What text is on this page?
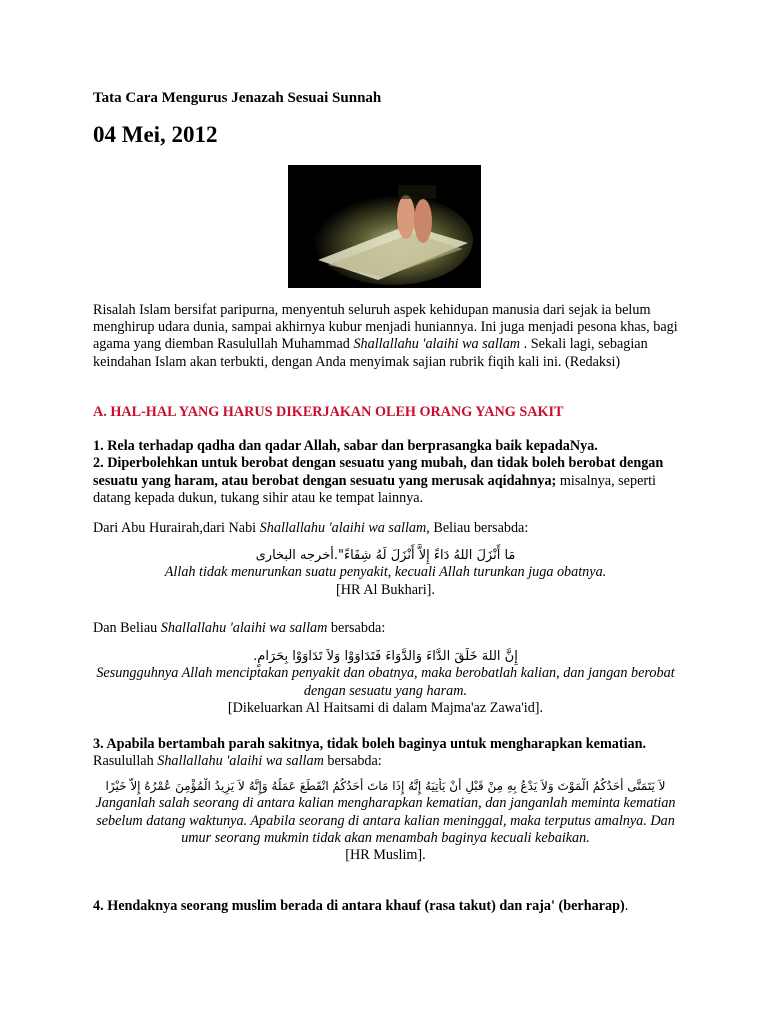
Tata Cara Mengurus Jenazah Sesuai Sunnah
04 Mei, 2012
Risalah Islam bersifat paripurna, menyentuh seluruh aspek kehidupan manusia dari sejak ia belum menghirup udara dunia, sampai akhirnya kubur menjadi huniannya. Ini juga menjadi pesona khas, bagi agama yang diemban Rasulullah Muhammad Shallallahu 'alaihi wa sallam . Sekali lagi, sebagian keindahan Islam akan terbukti, dengan Anda menyimak sajian rubrik fiqih kali ini. (Redaksi)
A. HAL-HAL YANG HARUS DIKERJAKAN OLEH ORANG YANG SAKIT
1. Rela terhadap qadha dan qadar Allah, sabar dan berprasangka baik kepadaNya.
2. Diperbolehkan untuk berobat dengan sesuatu yang mubah, dan tidak boleh berobat dengan sesuatu yang haram, atau berobat dengan sesuatu yang merusak aqidahnya; misalnya, seperti datang kepada dukun, tukang sihir atau ke tempat lainnya.
Dari Abu Hurairah,dari Nabi Shallallahu 'alaihi wa sallam, Beliau bersabda:
مَا أَنْزَلَ اللهُ دَاءً إِلاَّ أَنْزَلَ لَهُ شِفَاءً".أخرجه البخارى
Allah tidak menurunkan suatu penyakit, kecuali Allah turunkan juga obatnya.
[HR Al Bukhari].
Dan Beliau Shallallahu 'alaihi wa sallam bersabda:
إِنَّ اللهَ خَلَقَ الدَّاءَ وَالدَّوَاءَ فَتَدَاوَوْا وَلاَ تَدَاوَوْا بِحَرَامٍ.
Sesungguhnya Allah menciptakan penyakit dan obatnya, maka berobatlah kalian, dan jangan berobat dengan sesuatu yang haram.
[Dikeluarkan Al Haitsami di dalam Majma'az Zawa'id].
3. Apabila bertambah parah sakitnya, tidak boleh baginya untuk mengharapkan kematian. Rasulullah Shallallahu 'alaihi wa sallam bersabda:
لاَ يَتَمَنَّى أَحَدُكُمُ الْمَوْتَ وَلاَ يَدْعُ بِهِ مِنْ قَبْلِ أَنْ يَأْتِيَهُ إِنَّهُ إِذَا مَاتَ أَحَدُكُمُ انْقَطَعَ عَمَلُهُ وَإِنَّهُ لاَ يَزِيدُ الْمُؤْمِنَ عُمْرُهُ إِلاَّ خَيْرًا
Janganlah salah seorang di antara kalian mengharapkan kematian, dan janganlah meminta kematian sebelum datang waktunya. Apabila seorang di antara kalian meninggal, maka terputus amalnya. Dan umur seorang mukmin tidak akan menambah baginya kecuali kebaikan.
[HR Muslim].
4. Hendaknya seorang muslim berada di antara khauf (rasa takut) dan raja' (berharap).
